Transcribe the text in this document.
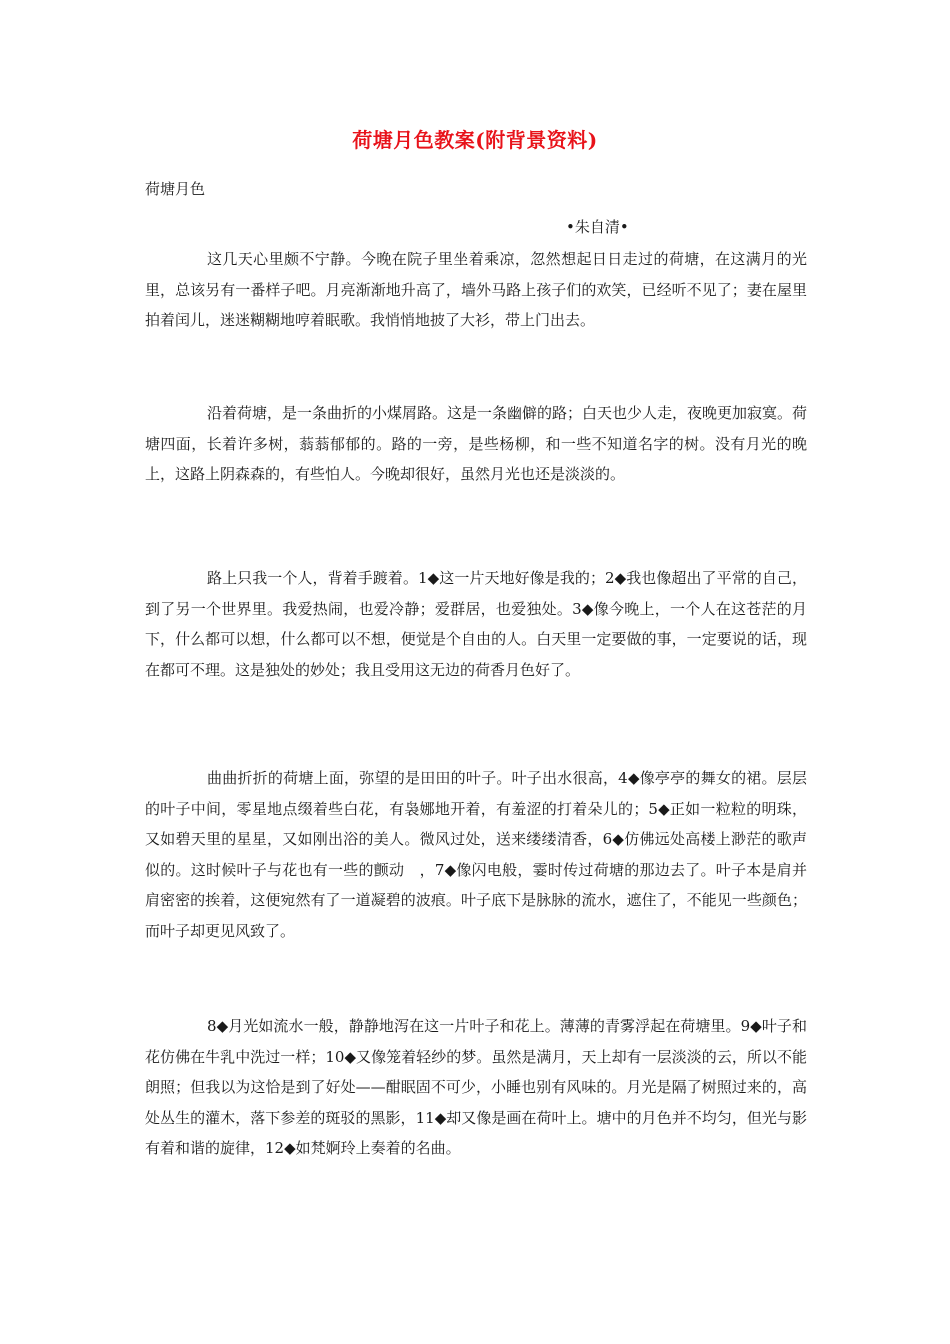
荷塘月色教案(附背景资料)
荷塘月色
•朱自清•

这几天心里颇不宁静。今晚在院子里坐着乘凉，忽然想起日日走过的荷塘，在这满月的光里，总该另有一番样子吧。月亮渐渐地升高了，墙外马路上孩子们的欢笑，已经听不见了；妻在屋里拍着闰儿，迷迷糊糊地哼着眠歌。我悄悄地披了大衫，带上门出去。

沿着荷塘，是一条曲折的小煤屑路。这是一条幽僻的路；白天也少人走，夜晚更加寂寞。荷塘四面，长着许多树，蓊蓊郁郁的。路的一旁，是些杨柳，和一些不知道名字的树。没有月光的晚上，这路上阴森森的，有些怕人。今晚却很好，虽然月光也还是淡淡的。

路上只我一个人，背着手踱着。1◆这一片天地好像是我的；2◆我也像超出了平常的自己，到了另一个世界里。我爱热闹，也爱冷静；爱群居，也爱独处。3◆像今晚上，一个人在这苍茫的月下，什么都可以想，什么都可以不想，便觉是个自由的人。白天里一定要做的事，一定要说的话，现在都可不理。这是独处的妙处；我且受用这无边的荷香月色好了。

曲曲折折的荷塘上面，弥望的是田田的叶子。叶子出水很高，4◆像亭亭的舞女的裙。层层的叶子中间，零星地点缀着些白花，有袅娜地开着，有羞涩的打着朵儿的；5◆正如一粒粒的明珠，又如碧天里的星星，又如刚出浴的美人。微风过处，送来缕缕清香，6◆仿佛远处高楼上渺茫的歌声似的。这时候叶子与花也有一些的颤动　，7◆像闪电般，霎时传过荷塘的那边去了。叶子本是肩并肩密密的挨着，这便宛然有了一道凝碧的波痕。叶子底下是脉脉的流水，遮住了，不能见一些颜色；而叶子却更见风致了。

8◆月光如流水一般，静静地泻在这一片叶子和花上。薄薄的青雾浮起在荷塘里。9◆叶子和花仿佛在牛乳中洗过一样；10◆又像笼着轻纱的梦。虽然是满月，天上却有一层淡淡的云，所以不能朗照；但我以为这恰是到了好处——酣眠固不可少，小睡也别有风味的。月光是隔了树照过来的，高处丛生的灌木，落下参差的斑驳的黑影，11◆却又像是画在荷叶上。塘中的月色并不均匀，但光与影有着和谐的旋律，12◆如梵婀玲上奏着的名曲。
